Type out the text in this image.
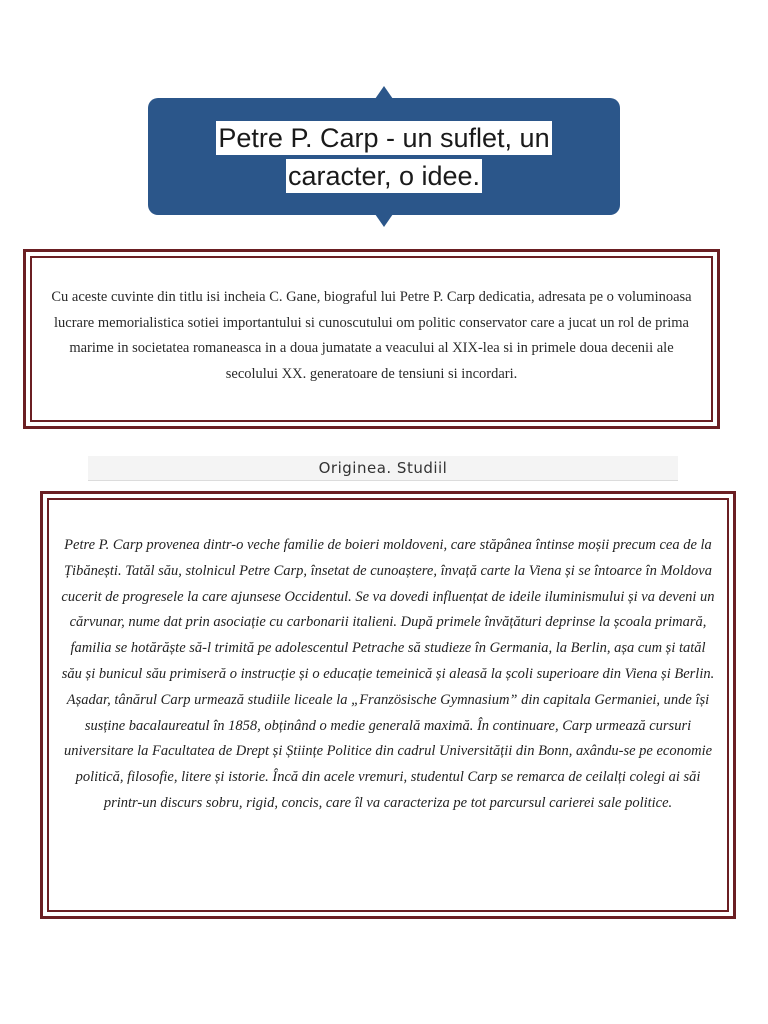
Petre P. Carp - un suflet, un
caracter, o idee.

Cu aceste cuvinte din titlu isi incheia C. Gane, biograful lui Petre P. Carp dedicatia, adresata pe o voluminoasa lucrare memorialistica sotiei importantului si cunoscutului om politic conservator care a jucat un rol de prima marime in societatea romaneasca in a doua jumatate a veacului al XIX-lea si in primele doua decenii ale secolului XX. generatoare de tensiuni si incordari.

Originea. Studiil

Petre P. Carp provenea dintr-o veche familie de boieri moldoveni, care stăpânea întinse moșii precum cea de la Țibănești. Tatăl său, stolnicul Petre Carp, însetat de cunoaștere, învață carte la Viena și se întoarce în Moldova cucerit de progresele la care ajunsese Occidentul. Se va dovedi influențat de ideile iluminismului și va deveni un cărvunar, nume dat prin asociație cu carbonarii italieni. După primele învățături deprinse la școala primară, familia se hotărăște să-l trimită pe adolescentul Petrache să studieze în Germania, la Berlin, așa cum și tatăl său și bunicul său primiseră o instrucție și o educație temeinică și aleasă la școli superioare din Viena și Berlin. Așadar, tânărul Carp urmează studiile liceale la „Französische Gymnasium” din capitala Germaniei, unde își susține bacalaureatul în 1858, obținând o medie generală maximă. În continuare, Carp urmează cursuri universitare la Facultatea de Drept și Științe Politice din cadrul Universității din Bonn, axându-se pe economie politică, filosofie, litere și istorie. Încă din acele vremuri, studentul Carp se remarca de ceilalți colegi ai săi printr-un discurs sobru, rigid, concis, care îl va caracteriza pe tot parcursul carierei sale politice.
